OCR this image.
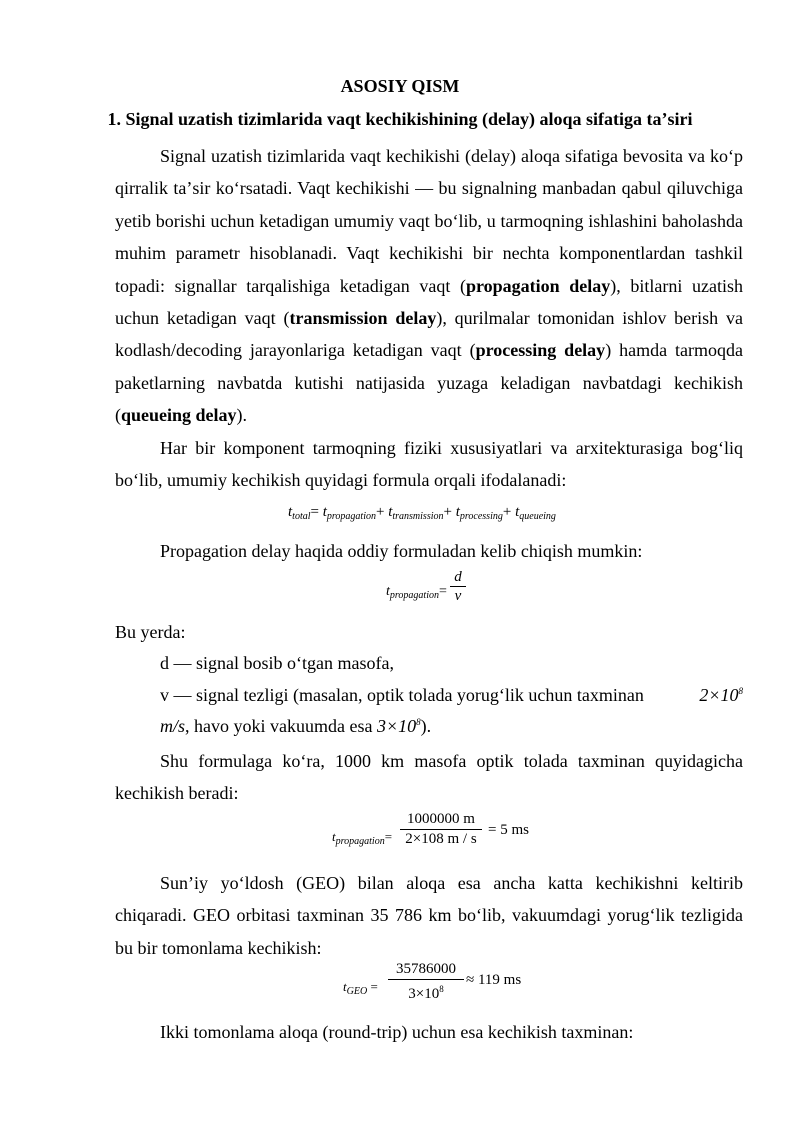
ASOSIY QISM
1. Signal uzatish tizimlarida vaqt kechikishining (delay) aloqa sifatiga taʼsiri

Signal uzatish tizimlarida vaqt kechikishi (delay) aloqa sifatiga bevosita va koʻp qirralik taʼsir koʻrsatadi. Vaqt kechikishi — bu signalning manbadan qabul qiluvchiga yetib borishi uchun ketadigan umumiy vaqt boʻlib, u tarmoqning ishlashini baholashda muhim parametr hisoblanadi. Vaqt kechikishi bir nechta komponentlardan tashkil topadi: signallar tarqalishiga ketadigan vaqt (propagation delay), bitlarni uzatish uchun ketadigan vaqt (transmission delay), qurilmalar tomonidan ishlov berish va kodlash/decoding jarayonlariga ketadigan vaqt (processing delay) hamda tarmoqda paketlarning navbatda kutishi natijasida yuzaga keladigan navbatdagi kechikish (queueing delay).

Har bir komponent tarmoqning fiziki xususiyatlari va arxitekturasiga bogʻliq boʻlib, umumiy kechikish quyidagi formula orqali ifodalanadi:

$t_{total}= t_{propagation}+ t_{transmission}+ t_{processing}+ t_{queueing}$

Propagation delay haqida oddiy formuladan kelib chiqish mumkin:

$t_{propagation}=$
d
v
Bu yerda:
d — signal bosib oʻtgan masofa,
v — signal tezligi (masalan, optik tolada yorugʻlik uchun taxminan	$2\times 10^8$
m/s, havo yoki vakuumda esa $3\times 10^8$).

Shu formulaga koʻra, 1000 km masofa optik tolada taxminan quyidagicha kechikish beradi:

$t_{propagation}=$
1000000 m
2×108 m / s
= 5 ms

Sunʼiy yoʻldosh (GEO) bilan aloqa esa ancha katta kechikishni keltirib chiqaradi. GEO orbitasi taxminan 35 786 km boʻlib, vakuumdagi yorugʻlik tezligida bu bir tomonlama kechikish:

$t_{GEO}$ =
35786000
$3\times 10^8$
≈ 119 ms

Ikki tomonlama aloqa (round-trip) uchun esa kechikish taxminan:
